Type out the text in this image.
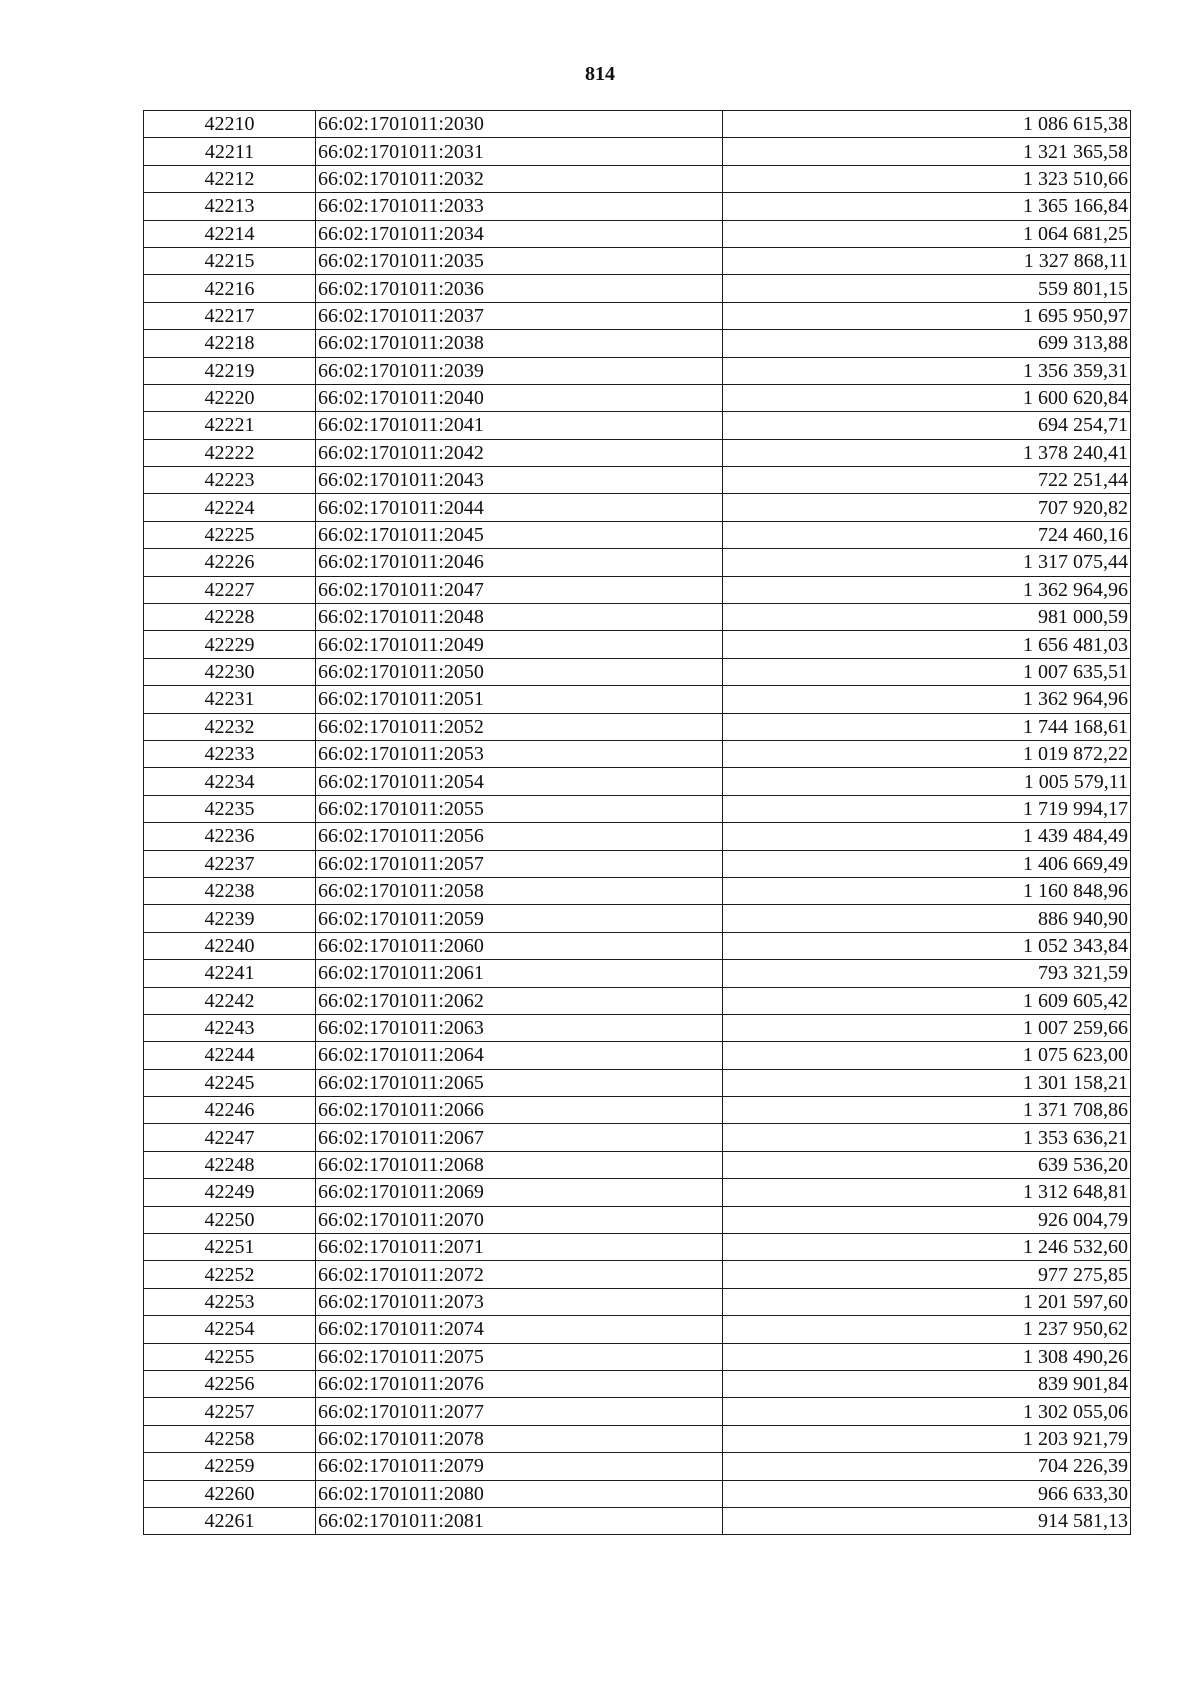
814
42210	66:02:1701011:2030	1 086 615,38
42211	66:02:1701011:2031	1 321 365,58
42212	66:02:1701011:2032	1 323 510,66
42213	66:02:1701011:2033	1 365 166,84
42214	66:02:1701011:2034	1 064 681,25
42215	66:02:1701011:2035	1 327 868,11
42216	66:02:1701011:2036	559 801,15
42217	66:02:1701011:2037	1 695 950,97
42218	66:02:1701011:2038	699 313,88
42219	66:02:1701011:2039	1 356 359,31
42220	66:02:1701011:2040	1 600 620,84
42221	66:02:1701011:2041	694 254,71
42222	66:02:1701011:2042	1 378 240,41
42223	66:02:1701011:2043	722 251,44
42224	66:02:1701011:2044	707 920,82
42225	66:02:1701011:2045	724 460,16
42226	66:02:1701011:2046	1 317 075,44
42227	66:02:1701011:2047	1 362 964,96
42228	66:02:1701011:2048	981 000,59
42229	66:02:1701011:2049	1 656 481,03
42230	66:02:1701011:2050	1 007 635,51
42231	66:02:1701011:2051	1 362 964,96
42232	66:02:1701011:2052	1 744 168,61
42233	66:02:1701011:2053	1 019 872,22
42234	66:02:1701011:2054	1 005 579,11
42235	66:02:1701011:2055	1 719 994,17
42236	66:02:1701011:2056	1 439 484,49
42237	66:02:1701011:2057	1 406 669,49
42238	66:02:1701011:2058	1 160 848,96
42239	66:02:1701011:2059	886 940,90
42240	66:02:1701011:2060	1 052 343,84
42241	66:02:1701011:2061	793 321,59
42242	66:02:1701011:2062	1 609 605,42
42243	66:02:1701011:2063	1 007 259,66
42244	66:02:1701011:2064	1 075 623,00
42245	66:02:1701011:2065	1 301 158,21
42246	66:02:1701011:2066	1 371 708,86
42247	66:02:1701011:2067	1 353 636,21
42248	66:02:1701011:2068	639 536,20
42249	66:02:1701011:2069	1 312 648,81
42250	66:02:1701011:2070	926 004,79
42251	66:02:1701011:2071	1 246 532,60
42252	66:02:1701011:2072	977 275,85
42253	66:02:1701011:2073	1 201 597,60
42254	66:02:1701011:2074	1 237 950,62
42255	66:02:1701011:2075	1 308 490,26
42256	66:02:1701011:2076	839 901,84
42257	66:02:1701011:2077	1 302 055,06
42258	66:02:1701011:2078	1 203 921,79
42259	66:02:1701011:2079	704 226,39
42260	66:02:1701011:2080	966 633,30
42261	66:02:1701011:2081	914 581,13
